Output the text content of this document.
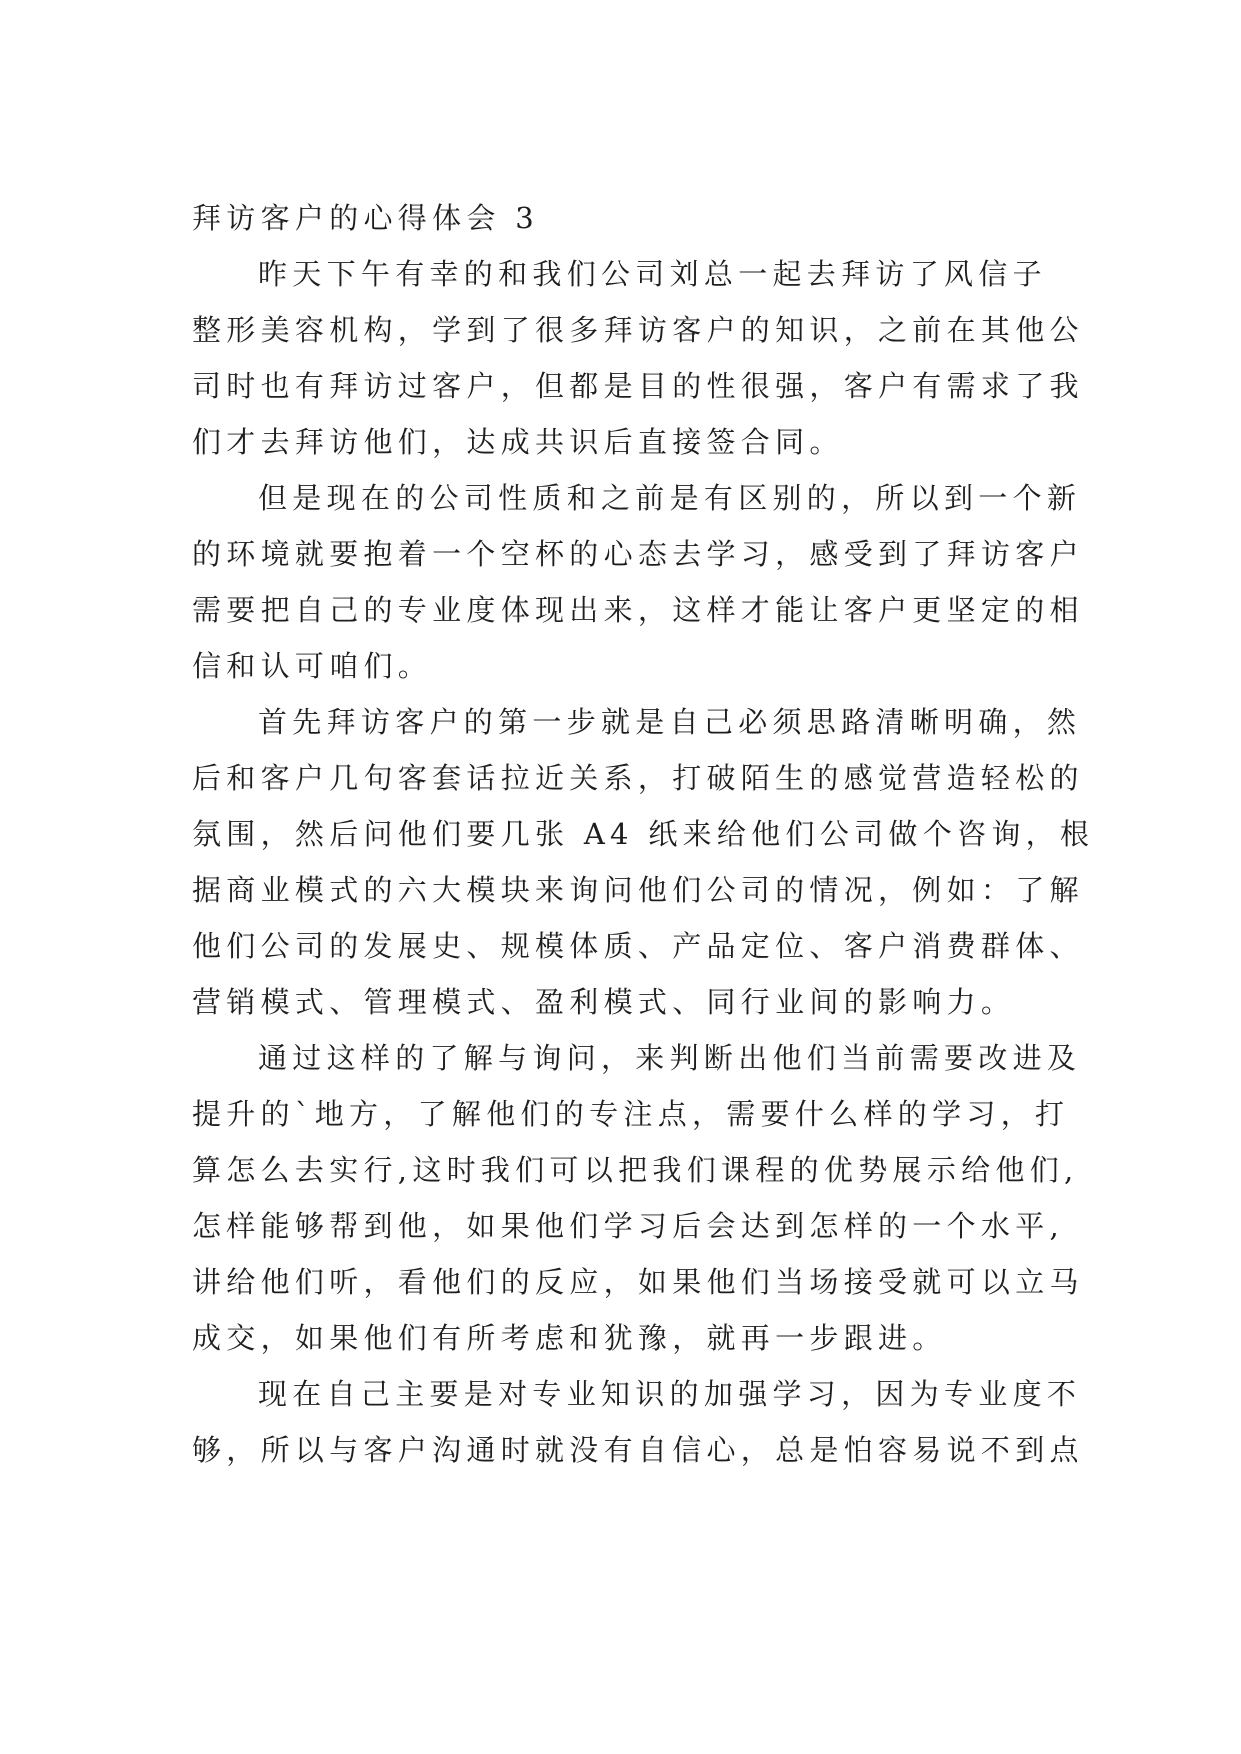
拜访客户的心得体会 3
昨天下午有幸的和我们公司刘总一起去拜访了风信子
整形美容机构，学到了很多拜访客户的知识，之前在其他公
司时也有拜访过客户，但都是目的性很强，客户有需求了我
们才去拜访他们，达成共识后直接签合同。
但是现在的公司性质和之前是有区别的，所以到一个新
的环境就要抱着一个空杯的心态去学习，感受到了拜访客户
需要把自己的专业度体现出来，这样才能让客户更坚定的相
信和认可咱们。
首先拜访客户的第一步就是自己必须思路清晰明确，然
后和客户几句客套话拉近关系，打破陌生的感觉营造轻松的
氛围，然后问他们要几张 A4 纸来给他们公司做个咨询，根
据商业模式的六大模块来询问他们公司的情况，例如：了解
他们公司的发展史、规模体质、产品定位、客户消费群体、
营销模式、管理模式、盈利模式、同行业间的影响力。
通过这样的了解与询问，来判断出他们当前需要改进及
提升的`地方，了解他们的专注点，需要什么样的学习，打
算怎么去实行,这时我们可以把我们课程的优势展示给他们,
怎样能够帮到他，如果他们学习后会达到怎样的一个水平,
讲给他们听，看他们的反应，如果他们当场接受就可以立马
成交，如果他们有所考虑和犹豫，就再一步跟进。
现在自己主要是对专业知识的加强学习，因为专业度不
够，所以与客户沟通时就没有自信心，总是怕容易说不到点
